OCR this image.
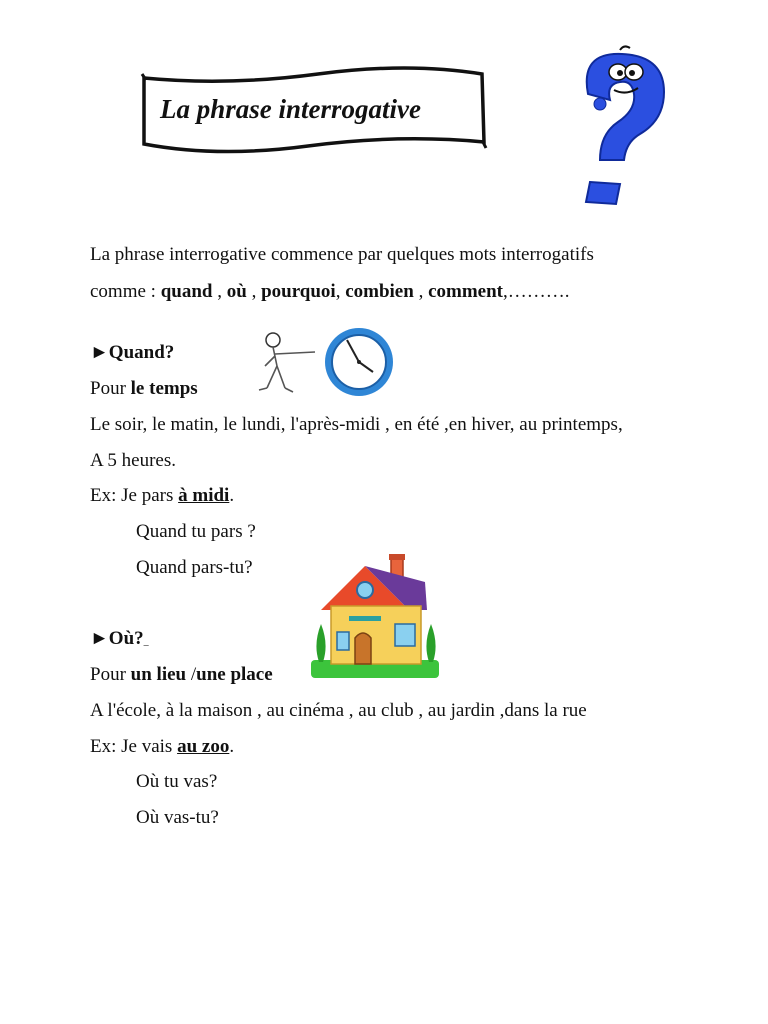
La phrase interrogative
La phrase interrogative commence par quelques mots interrogatifs
comme : quand , où , pourquoi, combien , comment,……….
►Quand?
Pour le temps
Le soir, le matin, le lundi, l'après-midi , en été ,en hiver, au printemps,
A 5 heures.
Ex: Je pars à midi.
Quand tu pars ?
Quand pars-tu?
►Où?_
Pour un lieu /une place
A l'école, à la maison , au cinéma , au club , au jardin ,dans la rue
Ex: Je vais au zoo.
Où tu vas?
Où vas-tu?
